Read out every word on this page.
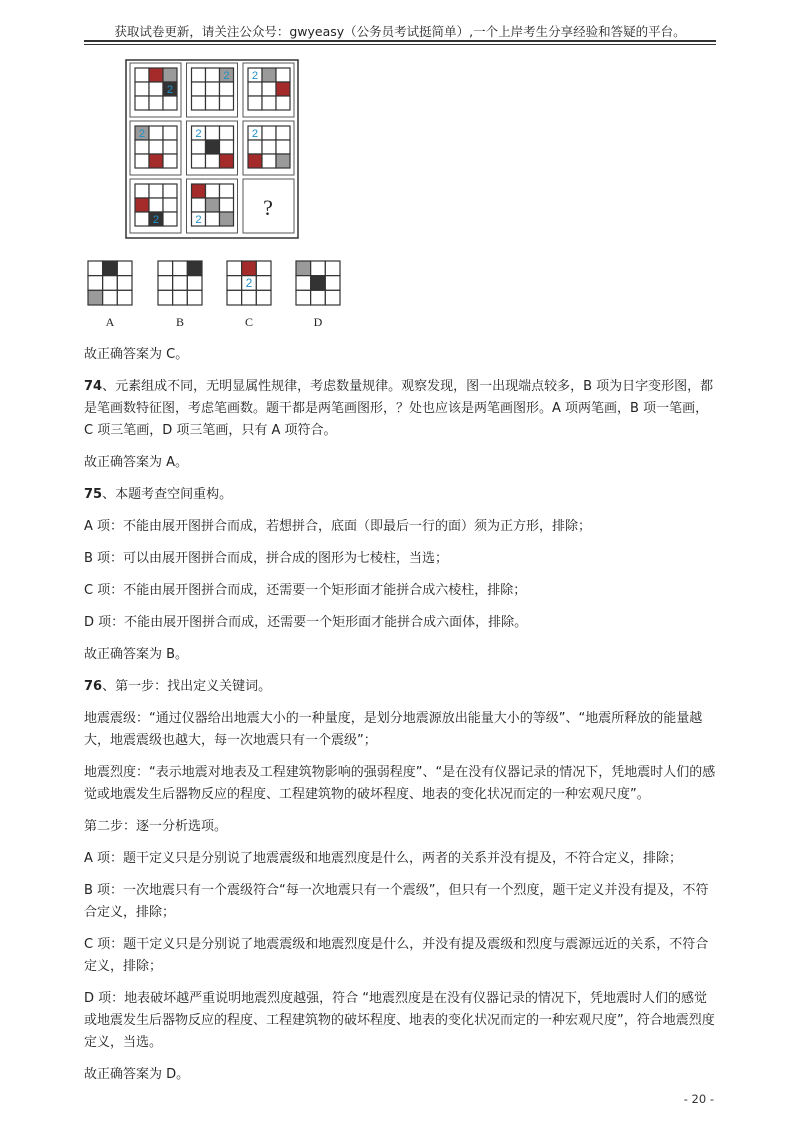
获取试卷更新，请关注公众号：gwyeasy（公务员考试挺简单）,一个上岸考生分享经验和答疑的平台。
2
2 2
2	2	2
2	2	?
A	B
2
C	D

故正确答案为 C。

74、元素组成不同，无明显属性规律，考虑数量规律。观察发现，图一出现端点较多，B 项为日字变形图，都是笔画数特征图，考虑笔画数。题干都是两笔画图形，？处也应该是两笔画图形。A 项两笔画，B 项一笔画，C 项三笔画，D 项三笔画，只有 A 项符合。

故正确答案为 A。

75、本题考查空间重构。

A 项：不能由展开图拼合而成，若想拼合，底面（即最后一行的面）须为正方形，排除；

B 项：可以由展开图拼合而成，拼合成的图形为七棱柱，当选；

C 项：不能由展开图拼合而成，还需要一个矩形面才能拼合成六棱柱，排除；

D 项：不能由展开图拼合而成，还需要一个矩形面才能拼合成六面体，排除。

故正确答案为 B。

76、第一步：找出定义关键词。

地震震级：“通过仪器给出地震大小的一种量度，是划分地震源放出能量大小的等级”、“地震所释放的能量越大，地震震级也越大，每一次地震只有一个震级”；

地震烈度：“表示地震对地表及工程建筑物影响的强弱程度”、“是在没有仪器记录的情况下，凭地震时人们的感觉或地震发生后器物反应的程度、工程建筑物的破坏程度、地表的变化状况而定的一种宏观尺度”。

第二步：逐一分析选项。

A 项：题干定义只是分别说了地震震级和地震烈度是什么，两者的关系并没有提及，不符合定义，排除；

B 项：一次地震只有一个震级符合“每一次地震只有一个震级”，但只有一个烈度，题干定义并没有提及，不符合定义，排除；

C 项：题干定义只是分别说了地震震级和地震烈度是什么，并没有提及震级和烈度与震源远近的关系，不符合定义，排除；

D 项：地表破坏越严重说明地震烈度越强，符合 “地震烈度是在没有仪器记录的情况下，凭地震时人们的感觉或地震发生后器物反应的程度、工程建筑物的破坏程度、地表的变化状况而定的一种宏观尺度”，符合地震烈度定义，当选。

故正确答案为 D。

- 20 -
